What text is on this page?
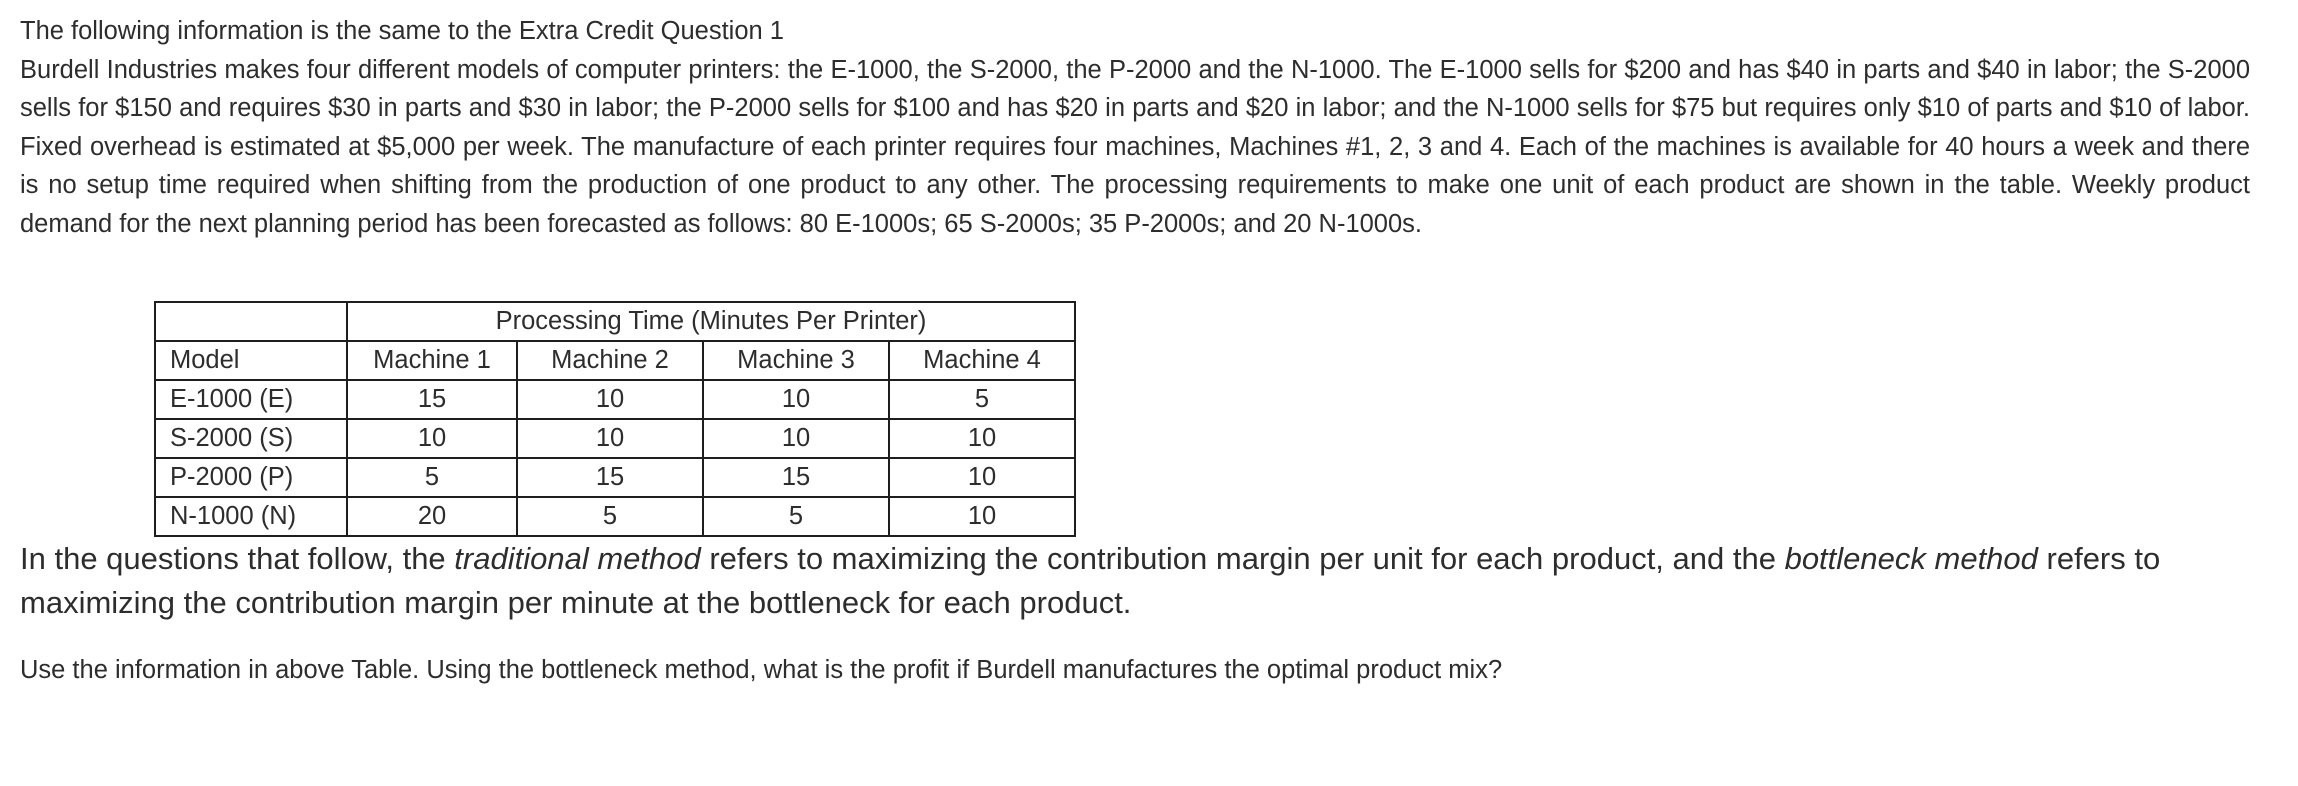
The following information is the same to the Extra Credit Question 1

Burdell Industries makes four different models of computer printers: the E-1000, the S-2000, the P-2000 and the N-1000. The E-1000 sells for $200 and has $40 in parts and $40 in labor; the S-2000 sells for $150 and requires $30 in parts and $30 in labor; the P-2000 sells for $100 and has $20 in parts and $20 in labor; and the N-1000 sells for $75 but requires only $10 of parts and $10 of labor. Fixed overhead is estimated at $5,000 per week. The manufacture of each printer requires four machines, Machines #1, 2, 3 and 4. Each of the machines is available for 40 hours a week and there is no setup time required when shifting from the production of one product to any other. The processing requirements to make one unit of each product are shown in the table. Weekly product demand for the next planning period has been forecasted as follows: 80 E-1000s; 65 S-2000s; 35 P-2000s; and 20 N-1000s.

	Processing Time (Minutes Per Printer)			
Model	Machine 1	Machine 2	Machine 3	Machine 4
E-1000 (E)	15	10	10	5
S-2000 (S)	10	10	10	10
P-2000 (P)	5	15	15	10
N-1000 (N)	20	5	5	10

In the questions that follow, the traditional method refers to maximizing the contribution margin per unit for each product, and the bottleneck method refers to maximizing the contribution margin per minute at the bottleneck for each product.

Use the information in above Table. Using the bottleneck method, what is the profit if Burdell manufactures the optimal product mix?
